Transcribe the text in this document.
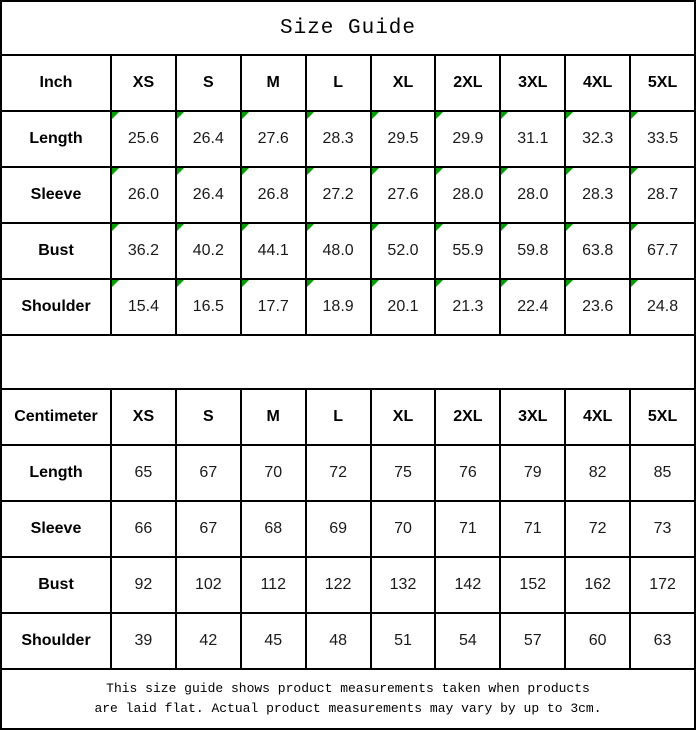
Size Guide
Inch	XS	S	M	L	XL	2XL	3XL	4XL	5XL
Length	25.6 26.4 27.6 28.3 29.5 29.9 31.1 32.3 33.5
Sleeve	26.0 26.4 26.8 27.2 27.6 28.0 28.0 28.3 28.7
Bust	36.2 40.2 44.1 48.0 52.0 55.9 59.8 63.8 67.7
Shoulder	15.4 16.5 17.7 18.9 20.1 21.3 22.4 23.6 24.8
Centimeter	XS	S	M	L	XL	2XL	3XL	4XL	5XL
Length	65	67	70	72	75	76	79	82	85
Sleeve	66	67	68	69	70	71	71	72	73
Bust	92	102 112 122 132 142 152 162 172
Shoulder	39	42	45	48	51	54	57	60	63
This size guide shows product measurements taken when products
are laid flat. Actual product measurements may vary by up to 3cm.
